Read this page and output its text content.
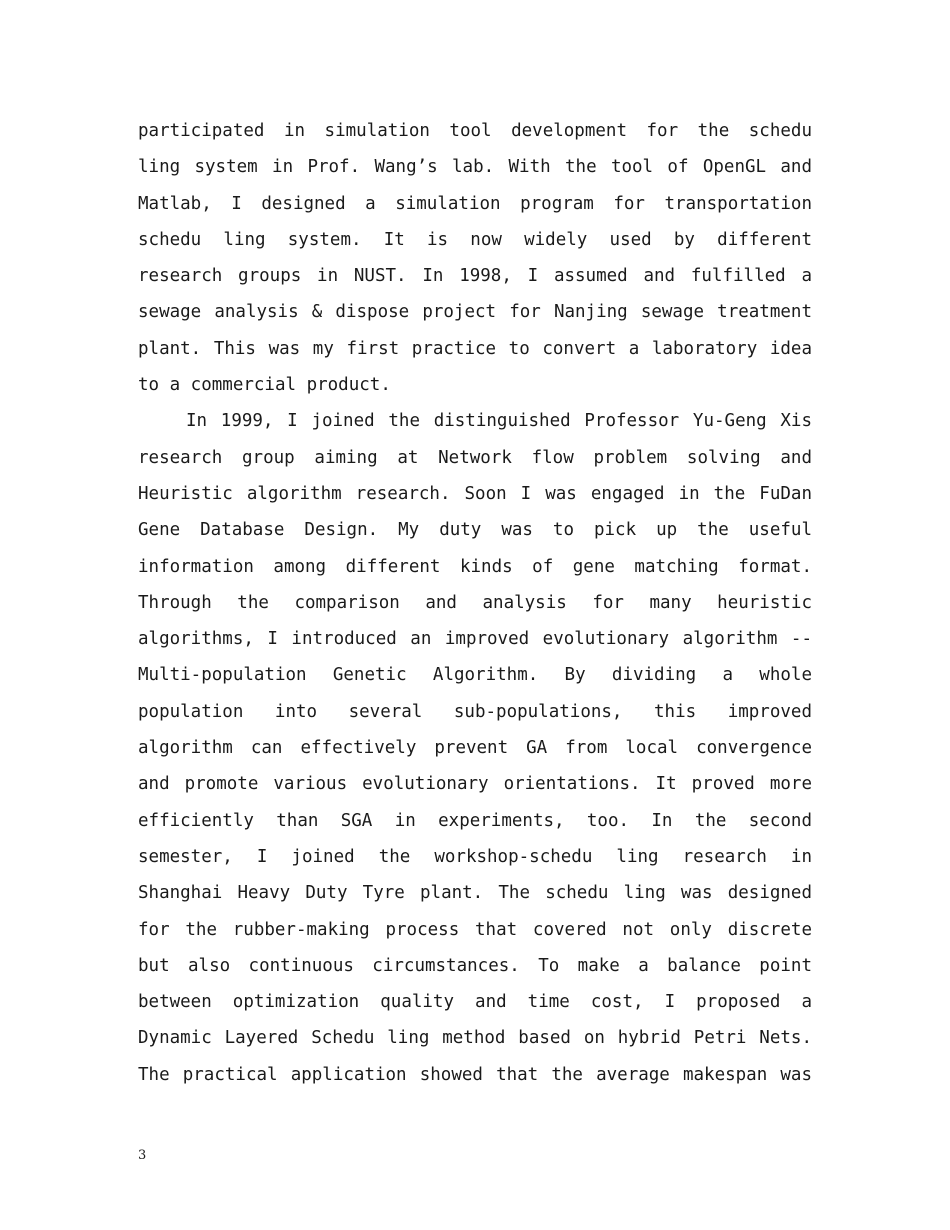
participated in simulation tool development for the schedu
ling system in Prof. Wang’s lab. With the tool of OpenGL and
Matlab, I designed a simulation program for transportation
schedu ling system. It is now widely used by different
research groups in NUST. In 1998, I assumed and fulfilled a
sewage analysis & dispose project for Nanjing sewage treatment
plant. This was my first practice to convert a laboratory idea
to a commercial product.
In 1999, I joined the distinguished Professor Yu-Geng Xis
research group aiming at Network flow problem solving and
Heuristic algorithm research. Soon I was engaged in the FuDan
Gene Database Design. My duty was to pick up the useful
information among different kinds of gene matching format.
Through the comparison and analysis for many heuristic
algorithms, I introduced an improved evolutionary algorithm --
Multi-population Genetic Algorithm. By dividing a whole
population into several sub-populations, this improved
algorithm can effectively prevent GA from local convergence
and promote various evolutionary orientations. It proved more
efficiently than SGA in experiments, too. In the second
semester, I joined the workshop-schedu ling research in
Shanghai Heavy Duty Tyre plant. The schedu ling was designed
for the rubber-making process that covered not only discrete
but also continuous circumstances. To make a balance point
between optimization quality and time cost, I proposed a
Dynamic Layered Schedu ling method based on hybrid Petri Nets.
The practical application showed that the average makespan was
3
